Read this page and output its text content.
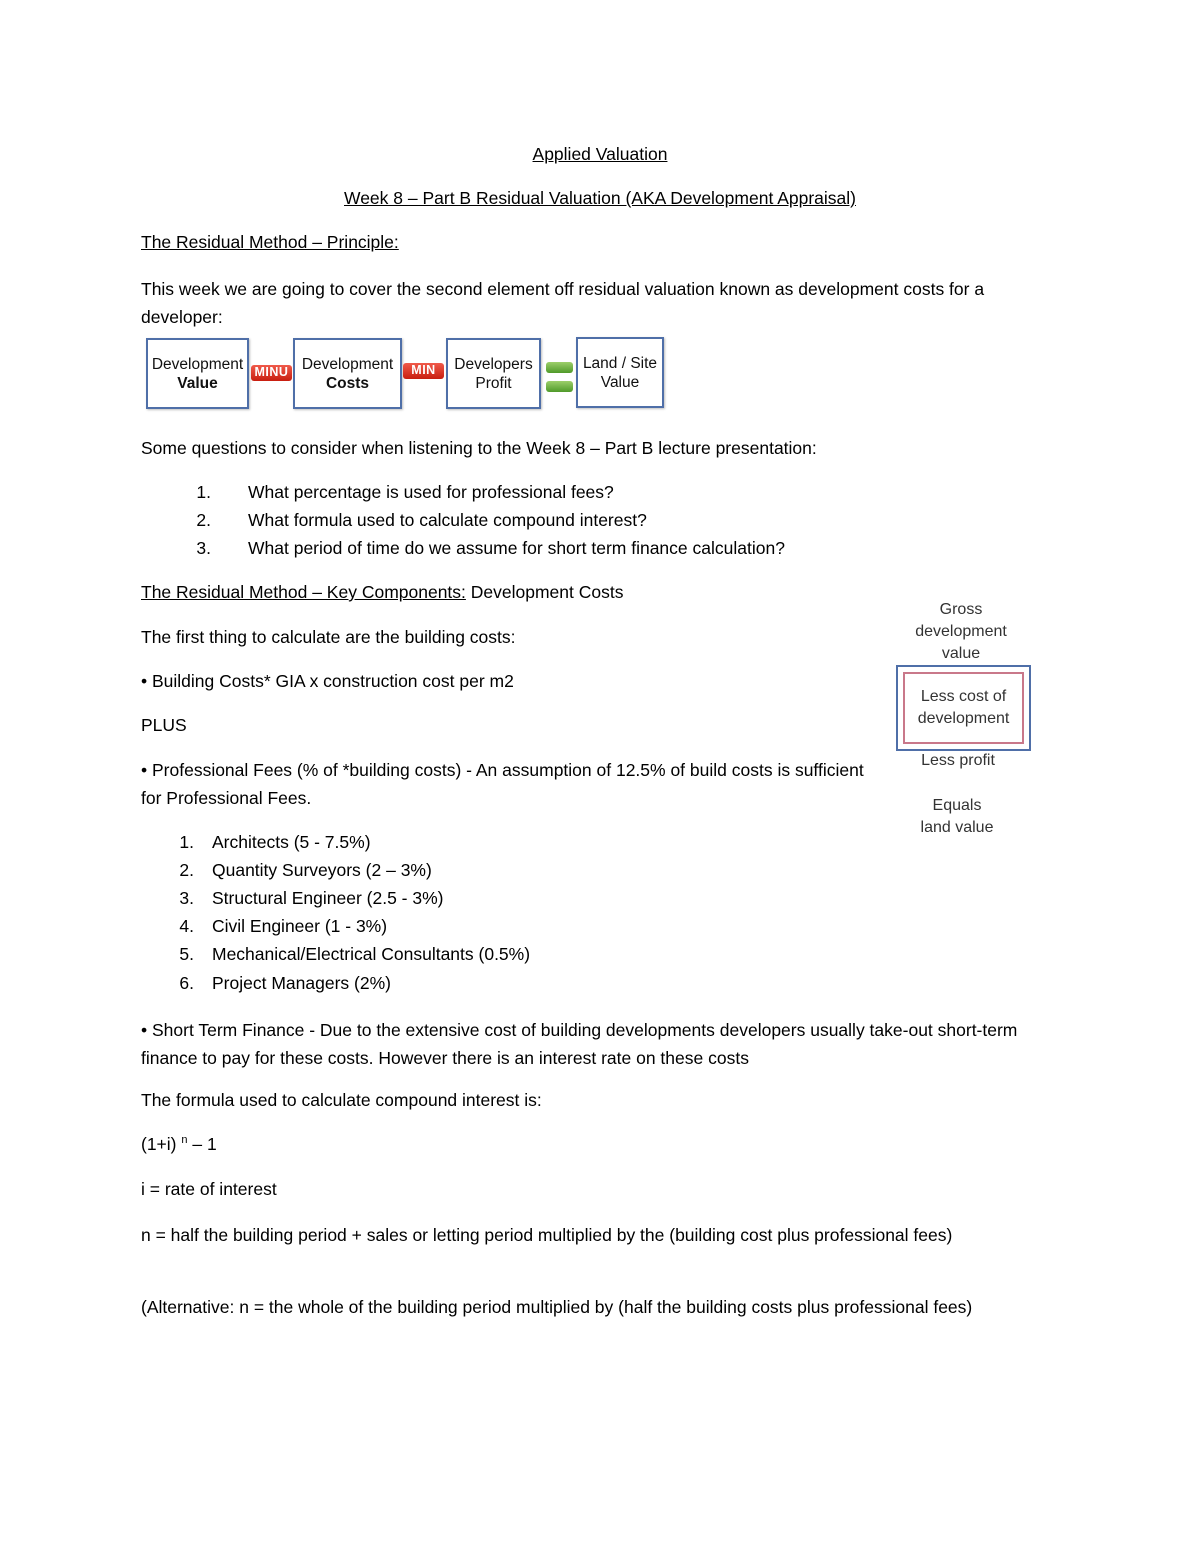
Applied Valuation
Week 8 – Part B Residual Valuation (AKA Development Appraisal)
The Residual Method – Principle:
This week we are going to cover the second element off residual valuation known as development costs for a developer:
Development
Value
MINU Development
Costs
MIN	Developers
Profit
Land / Site
Value
Some questions to consider when listening to the Week 8 – Part B lecture presentation:
1. What percentage is used for professional fees?
2. What formula used to calculate compound interest?
3. What period of time do we assume for short term finance calculation?
The Residual Method – Key Components: Development Costs
The first thing to calculate are the building costs:
• Building Costs* GIA x construction cost per m2
PLUS
• Professional Fees (% of *building costs) - An assumption of 12.5% of build costs is sufficient for Professional Fees.
1. Architects (5 - 7.5%)
2. Quantity Surveyors (2 – 3%)
3. Structural Engineer (2.5 - 3%)
4. Civil Engineer (1 - 3%)
5. Mechanical/Electrical Consultants (0.5%)
6. Project Managers (2%)
Gross
development
value
Less cost of
development
Less profit
Equals
land value
• Short Term Finance - Due to the extensive cost of building developments developers usually take-out short-term finance to pay for these costs. However there is an interest rate on these costs
The formula used to calculate compound interest is:
(1+i) $^n$ – 1
i = rate of interest
n = half the building period + sales or letting period multiplied by the (building cost plus professional fees)
(Alternative: n = the whole of the building period multiplied by (half the building costs plus professional fees)
